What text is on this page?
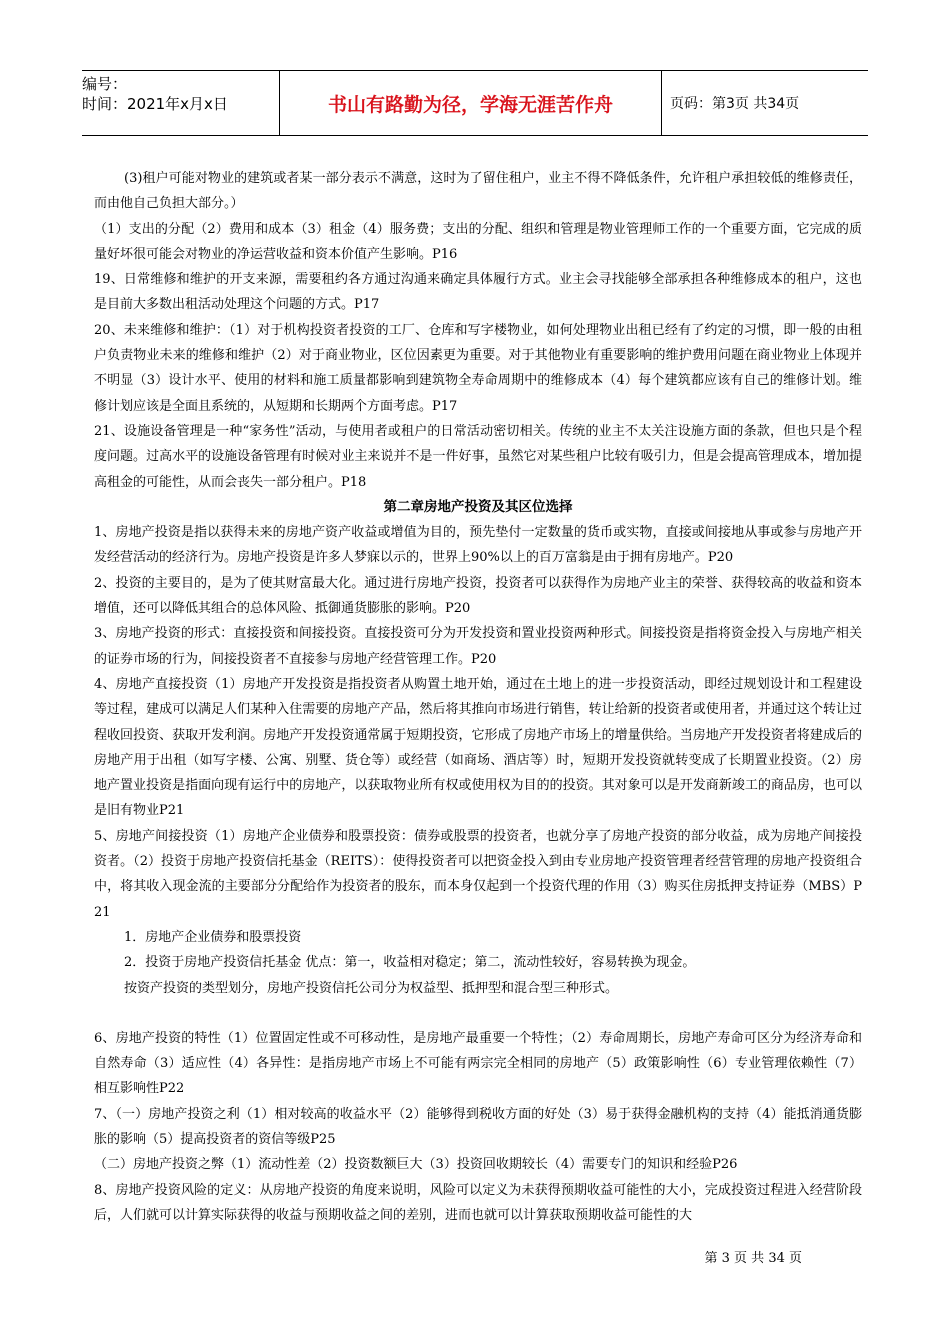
编号：
时间：2021年x月x日	书山有路勤为径，学海无涯苦作舟	页码：第3页 共34页

(3)租户可能对物业的建筑或者某一部分表示不满意，这时为了留住租户，业主不得不降低条件，允许租户承担较低的维修责任，而由他自己负担大部分。）

（1）支出的分配（2）费用和成本（3）租金（4）服务费；支出的分配、组织和管理是物业管理师工作的一个重要方面，它完成的质量好坏很可能会对物业的净运营收益和资本价值产生影响。P16

19、日常维修和维护的开支来源，需要租约各方通过沟通来确定具体履行方式。业主会寻找能够全部承担各种维修成本的租户，这也是目前大多数出租活动处理这个问题的方式。P17

20、未来维修和维护：（1）对于机构投资者投资的工厂、仓库和写字楼物业，如何处理物业出租已经有了约定的习惯，即一般的由租户负责物业未来的维修和维护（2）对于商业物业，区位因素更为重要。对于其他物业有重要影响的维护费用问题在商业物业上体现并不明显（3）设计水平、使用的材料和施工质量都影响到建筑物全寿命周期中的维修成本（4）每个建筑都应该有自己的维修计划。维修计划应该是全面且系统的，从短期和长期两个方面考虑。P17

21、设施设备管理是一种“家务性”活动，与使用者或租户的日常活动密切相关。传统的业主不太关注设施方面的条款，但也只是个程度问题。过高水平的设施设备管理有时候对业主来说并不是一件好事，虽然它对某些租户比较有吸引力，但是会提高管理成本，增加提高租金的可能性，从而会丧失一部分租户。P18

第二章房地产投资及其区位选择

1、房地产投资是指以获得未来的房地产资产收益或增值为目的，预先垫付一定数量的货币或实物，直接或间接地从事或参与房地产开发经营活动的经济行为。房地产投资是许多人梦寐以示的，世界上90%以上的百万富翁是由于拥有房地产。P20

2、投资的主要目的，是为了使其财富最大化。通过进行房地产投资，投资者可以获得作为房地产业主的荣誉、获得较高的收益和资本增值，还可以降低其组合的总体风险、抵御通货膨胀的影响。P20

3、房地产投资的形式：直接投资和间接投资。直接投资可分为开发投资和置业投资两种形式。间接投资是指将资金投入与房地产相关的证券市场的行为，间接投资者不直接参与房地产经营管理工作。P20

4、房地产直接投资（1）房地产开发投资是指投资者从购置土地开始，通过在土地上的进一步投资活动，即经过规划设计和工程建设等过程，建成可以满足人们某种入住需要的房地产产品，然后将其推向市场进行销售，转让给新的投资者或使用者，并通过这个转让过程收回投资、获取开发利润。房地产开发投资通常属于短期投资，它形成了房地产市场上的增量供给。当房地产开发投资者将建成后的房地产用于出租（如写字楼、公寓、别墅、货仓等）或经营（如商场、酒店等）时，短期开发投资就转变成了长期置业投资。（2）房地产置业投资是指面向现有运行中的房地产，以获取物业所有权或使用权为目的的投资。其对象可以是开发商新竣工的商品房，也可以是旧有物业P21

5、房地产间接投资（1）房地产企业债券和股票投资：债券或股票的投资者，也就分享了房地产投资的部分收益，成为房地产间接投资者。（2）投资于房地产投资信托基金（REITS）：使得投资者可以把资金投入到由专业房地产投资管理者经营管理的房地产投资组合中，将其收入现金流的主要部分分配给作为投资者的股东，而本身仅起到一个投资代理的作用（3）购买住房抵押支持证券（MBS）P21

1．房地产企业债券和股票投资

2．投资于房地产投资信托基金 优点：第一，收益相对稳定；第二，流动性较好，容易转换为现金。

按资产投资的类型划分，房地产投资信托公司分为权益型、抵押型和混合型三种形式。

6、房地产投资的特性（1）位置固定性或不可移动性，是房地产最重要一个特性；（2）寿命周期长，房地产寿命可区分为经济寿命和自然寿命（3）适应性（4）各异性：是指房地产市场上不可能有两宗完全相同的房地产（5）政策影响性（6）专业管理依赖性（7）相互影响性P22

7、（一）房地产投资之利（1）相对较高的收益水平（2）能够得到税收方面的好处（3）易于获得金融机构的支持（4）能抵消通货膨胀的影响（5）提高投资者的资信等级P25

（二）房地产投资之弊（1）流动性差（2）投资数额巨大（3）投资回收期较长（4）需要专门的知识和经验P26

8、房地产投资风险的定义：从房地产投资的角度来说明，风险可以定义为未获得预期收益可能性的大小，完成投资过程进入经营阶段后，人们就可以计算实际获得的收益与预期收益之间的差别，进而也就可以计算获取预期收益可能性的大

第 3 页 共 34 页
